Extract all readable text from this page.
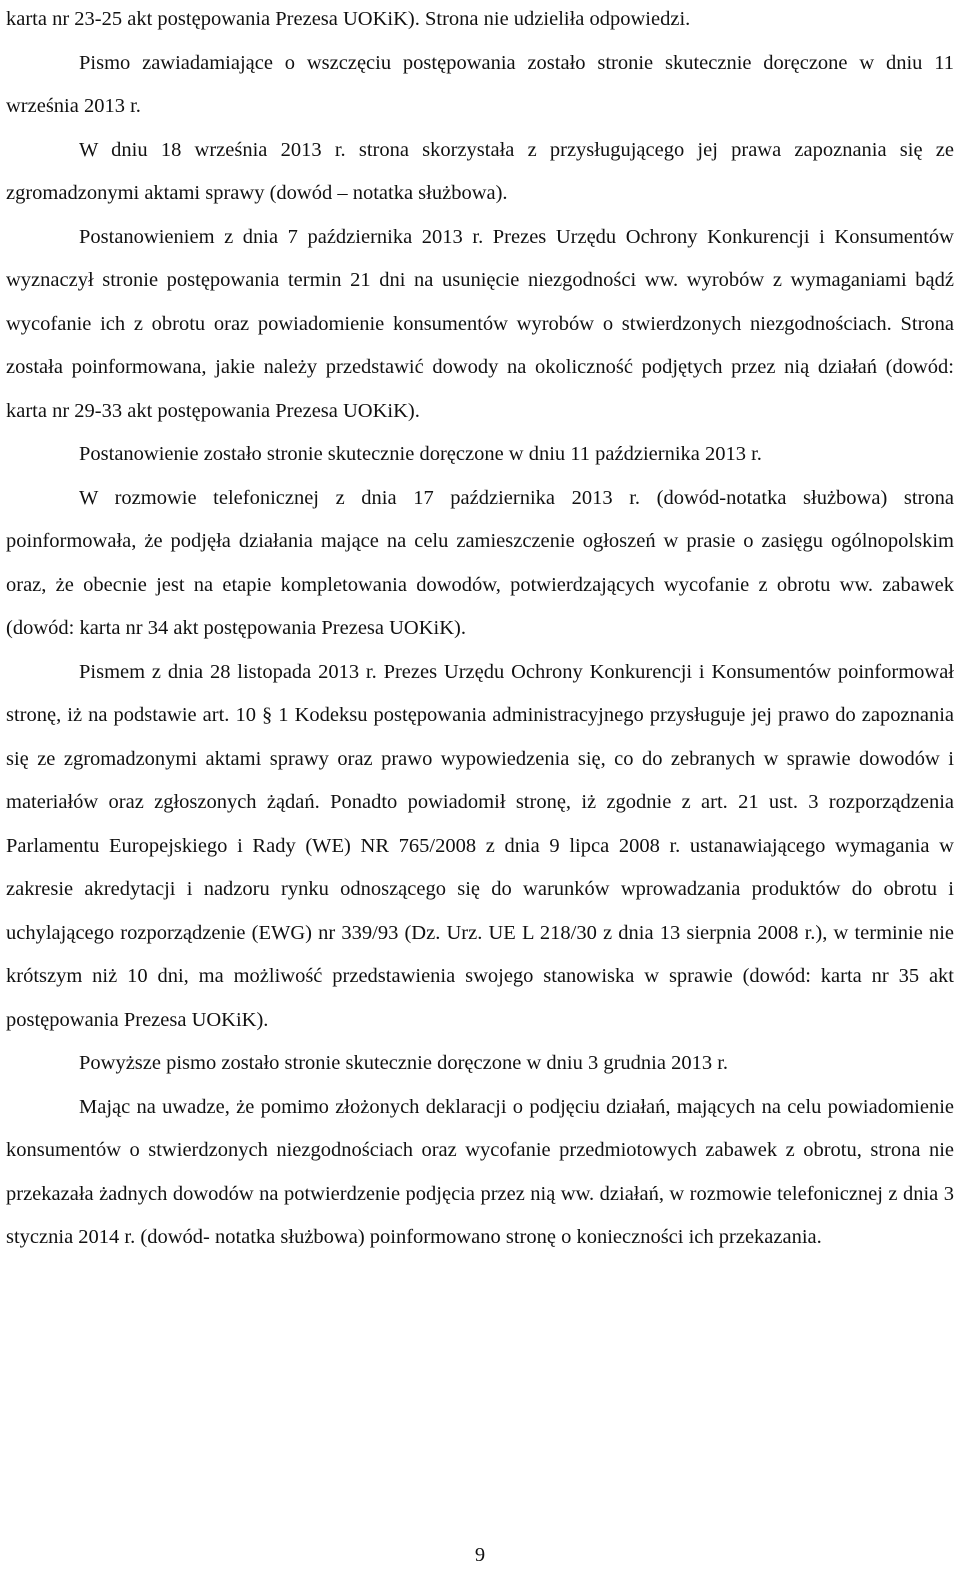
karta nr 23-25 akt postępowania Prezesa UOKiK). Strona nie udzieliła odpowiedzi.

Pismo zawiadamiające o wszczęciu postępowania zostało stronie skutecznie doręczone w dniu 11 września 2013 r.

W dniu 18 września 2013 r. strona skorzystała z przysługującego jej prawa zapoznania się ze zgromadzonymi aktami sprawy (dowód – notatka służbowa).

Postanowieniem z dnia 7 października 2013 r. Prezes Urzędu Ochrony Konkurencji i Konsumentów wyznaczył stronie postępowania termin 21 dni na usunięcie niezgodności ww. wyrobów z wymaganiami bądź wycofanie ich z obrotu oraz powiadomienie konsumentów wyrobów o stwierdzonych niezgodnościach. Strona została poinformowana, jakie należy przedstawić dowody na okoliczność podjętych przez nią działań (dowód: karta nr 29-33 akt postępowania Prezesa UOKiK).

Postanowienie zostało stronie skutecznie doręczone w dniu 11 października 2013 r.

W rozmowie telefonicznej z dnia 17 października 2013 r. (dowód-notatka służbowa) strona poinformowała, że podjęła działania mające na celu zamieszczenie ogłoszeń w prasie o zasięgu ogólnopolskim oraz, że obecnie jest na etapie kompletowania dowodów, potwierdzających wycofanie z obrotu ww. zabawek (dowód: karta nr 34 akt postępowania Prezesa UOKiK).

Pismem z dnia 28 listopada 2013 r. Prezes Urzędu Ochrony Konkurencji i Konsumentów poinformował stronę, iż na podstawie art. 10 § 1 Kodeksu postępowania administracyjnego przysługuje jej prawo do zapoznania się ze zgromadzonymi aktami sprawy oraz prawo wypowiedzenia się, co do zebranych w sprawie dowodów i materiałów oraz zgłoszonych żądań. Ponadto powiadomił stronę, iż zgodnie z art. 21 ust. 3 rozporządzenia Parlamentu Europejskiego i Rady (WE) NR 765/2008 z dnia 9 lipca 2008 r. ustanawiającego wymagania w zakresie akredytacji i nadzoru rynku odnoszącego się do warunków wprowadzania produktów do obrotu i uchylającego rozporządzenie (EWG) nr 339/93 (Dz. Urz. UE L 218/30 z dnia 13 sierpnia 2008 r.), w terminie nie krótszym niż 10 dni, ma możliwość przedstawienia swojego stanowiska w sprawie (dowód: karta nr 35 akt postępowania Prezesa UOKiK).

Powyższe pismo zostało stronie skutecznie doręczone w dniu 3 grudnia 2013 r.

Mając na uwadze, że pomimo złożonych deklaracji o podjęciu działań, mających na celu powiadomienie konsumentów o stwierdzonych niezgodnościach oraz wycofanie przedmiotowych zabawek z obrotu, strona nie przekazała żadnych dowodów na potwierdzenie podjęcia przez nią ww. działań, w rozmowie telefonicznej z dnia 3 stycznia 2014 r. (dowód- notatka służbowa) poinformowano stronę o konieczności ich przekazania.

9
